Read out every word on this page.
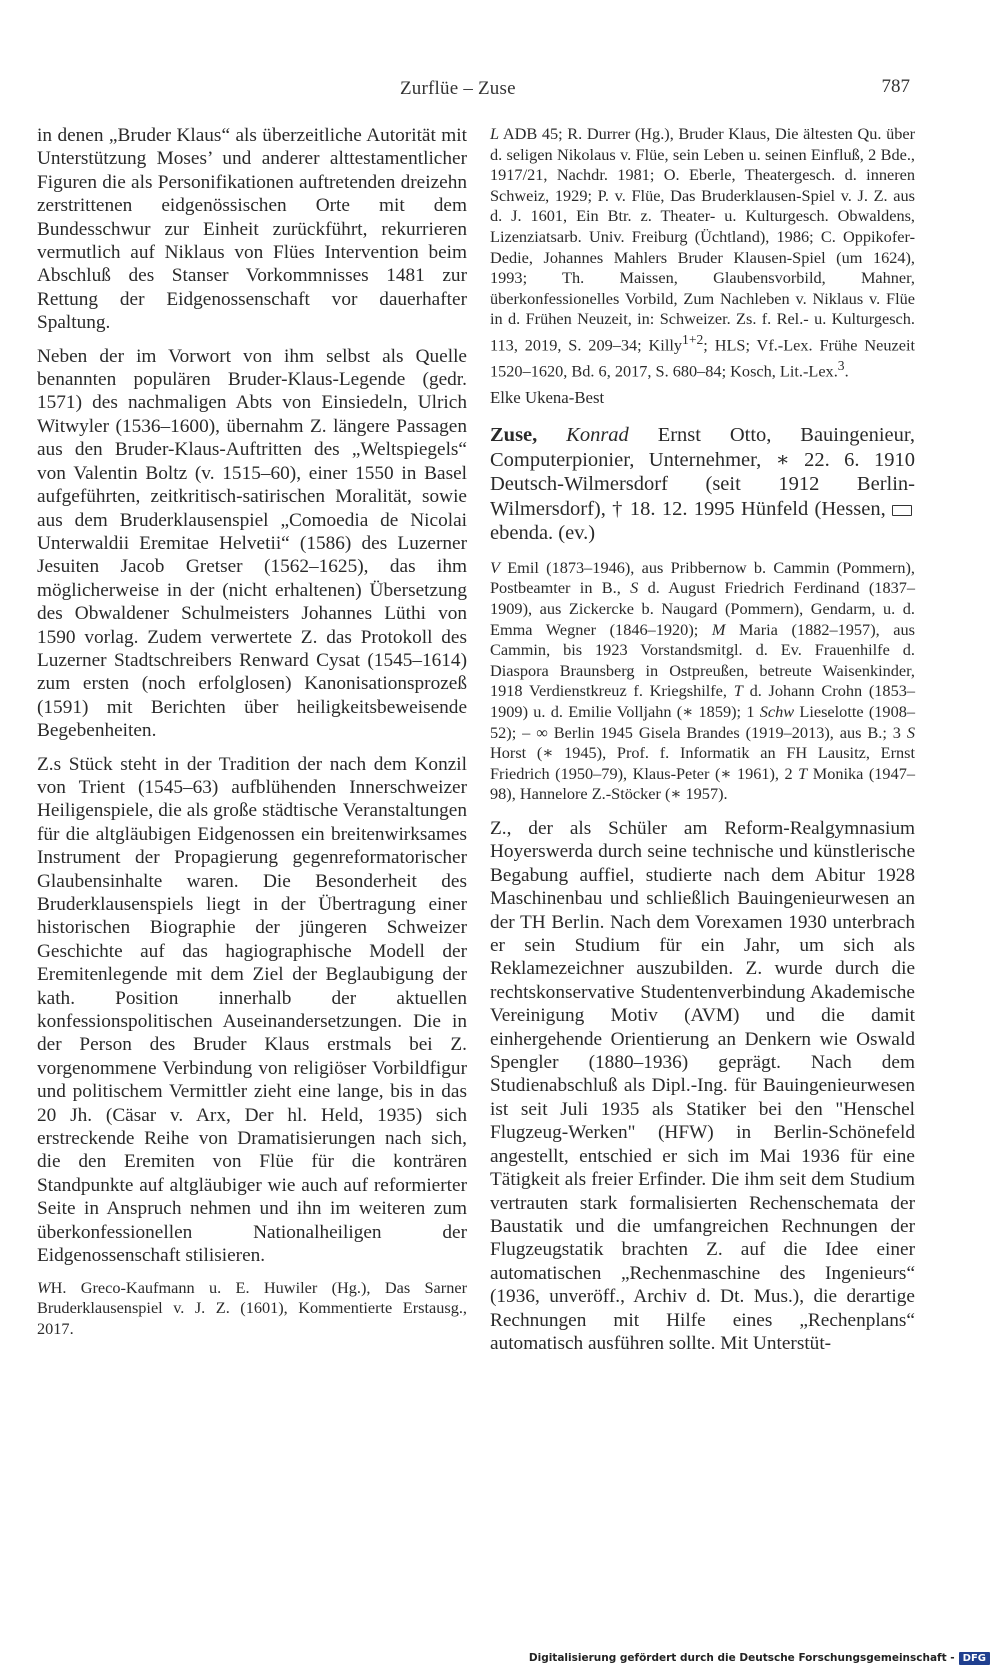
Zurflüe – Zuse	787

in denen „Bruder Klaus“ als überzeitliche Autorität mit Unterstützung Moses’ und anderer alttestamentlicher Figuren die als Personifikationen auftretenden dreizehn zerstrittenen eidgenössischen Orte mit dem Bundesschwur zur Einheit zurückführt, rekurrieren vermutlich auf Niklaus von Flües Intervention beim Abschluß des Stanser Vorkommnisses 1481 zur Rettung der Eidgenossenschaft vor dauerhafter Spaltung.

Neben der im Vorwort von ihm selbst als Quelle benannten populären Bruder-Klaus-Legende (gedr. 1571) des nachmaligen Abts von Einsiedeln, Ulrich Witwyler (1536–1600), übernahm Z. längere Passagen aus den Bruder-Klaus-Auftritten des „Weltspiegels“ von Valentin Boltz (v. 1515–60), einer 1550 in Basel aufgeführten, zeitkritisch-satirischen Moralität, sowie aus dem Bruderklausenspiel „Comoedia de Nicolai Unterwaldii Eremitae Helvetii“ (1586) des Luzerner Jesuiten Jacob Gretser (1562–1625), das ihm möglicherweise in der (nicht erhaltenen) Übersetzung des Obwaldener Schulmeisters Johannes Lüthi von 1590 vorlag. Zudem verwertete Z. das Protokoll des Luzerner Stadtschreibers Renward Cysat (1545–1614) zum ersten (noch erfolglosen) Kanonisationsprozeß (1591) mit Berichten über heiligkeitsbeweisende Begebenheiten.

Z.s Stück steht in der Tradition der nach dem Konzil von Trient (1545–63) aufblühenden Innerschweizer Heiligenspiele, die als große städtische Veranstaltungen für die altgläubigen Eidgenossen ein breitenwirksames Instrument der Propagierung gegenreformatorischer Glaubensinhalte waren. Die Besonderheit des Bruderklausenspiels liegt in der Übertragung einer historischen Biographie der jüngeren Schweizer Geschichte auf das hagiographische Modell der Eremitenlegende mit dem Ziel der Beglaubigung der kath. Position innerhalb der aktuellen konfessionspolitischen Auseinandersetzungen. Die in der Person des Bruder Klaus erstmals bei Z. vorgenommene Verbindung von religiöser Vorbildfigur und politischem Vermittler zieht eine lange, bis in das 20 Jh. (Cäsar v. Arx, Der hl. Held, 1935) sich erstreckende Reihe von Dramatisierungen nach sich, die den Eremiten von Flüe für die konträren Standpunkte auf altgläubiger wie auch auf reformierter Seite in Anspruch nehmen und ihn im weiteren zum überkonfessionellen Nationalheiligen der Eidgenossenschaft stilisieren.

WH. Greco-Kaufmann u. E. Huwiler (Hg.), Das Sarner Bruderklausenspiel v. J. Z. (1601), Kommentierte Erstausg., 2017.

L ADB 45; R. Durrer (Hg.), Bruder Klaus, Die ältesten Qu. über d. seligen Nikolaus v. Flüe, sein Leben u. seinen Einfluß, 2 Bde., 1917/21, Nachdr. 1981; O. Eberle, Theatergesch. d. inneren Schweiz, 1929; P. v. Flüe, Das Bruderklausen-Spiel v. J. Z. aus d. J. 1601, Ein Btr. z. Theater- u. Kulturgesch. Obwaldens, Lizenziatsarb. Univ. Freiburg (Üchtland), 1986; C. Oppikofer-Dedie, Johannes Mahlers Bruder Klausen-Spiel (um 1624), 1993; Th. Maissen, Glaubensvorbild, Mahner, überkonfessionelles Vorbild, Zum Nachleben v. Niklaus v. Flüe in d. Frühen Neuzeit, in: Schweizer. Zs. f. Rel.- u. Kulturgesch. 113, 2019, S. 209–34; Killy$^{1+2}$; HLS; Vf.-Lex. Frühe Neuzeit 1520–1620, Bd. 6, 2017, S. 680–84; Kosch, Lit.-Lex.$^3$.

Elke Ukena-Best

Zuse, Konrad Ernst Otto, Bauingenieur, Computerpionier, Unternehmer, ∗ 22. 6. 1910 Deutsch-Wilmersdorf (seit 1912 Berlin-Wilmersdorf), † 18. 12. 1995 Hünfeld (Hessen, ebenda. (ev.)

V Emil (1873–1946), aus Pribbernow b. Cammin (Pommern), Postbeamter in B., S d. August Friedrich Ferdinand (1837–1909), aus Zickercke b. Naugard (Pommern), Gendarm, u. d. Emma Wegner (1846–1920); M Maria (1882–1957), aus Cammin, bis 1923 Vorstandsmitgl. d. Ev. Frauenhilfe d. Diaspora Braunsberg in Ostpreußen, betreute Waisenkinder, 1918 Verdienstkreuz f. Kriegshilfe, T d. Johann Crohn (1853–1909) u. d. Emilie Volljahn (∗ 1859); 1 Schw Lieselotte (1908–52); – ∞ Berlin 1945 Gisela Brandes (1919–2013), aus B.; 3 S Horst (∗ 1945), Prof. f. Informatik an FH Lausitz, Ernst Friedrich (1950–79), Klaus-Peter (∗ 1961), 2 T Monika (1947–98), Hannelore Z.-Stöcker (∗ 1957).

Z., der als Schüler am Reform-Realgymnasium Hoyerswerda durch seine technische und künstlerische Begabung auffiel, studierte nach dem Abitur 1928 Maschinenbau und schließlich Bauingenieurwesen an der TH Berlin. Nach dem Vorexamen 1930 unterbrach er sein Studium für ein Jahr, um sich als Reklamezeichner auszubilden. Z. wurde durch die rechtskonservative Studentenverbindung Akademische Vereinigung Motiv (AVM) und die damit einhergehende Orientierung an Denkern wie Oswald Spengler (1880–1936) geprägt. Nach dem Studienabschluß als Dipl.-Ing. für Bauingenieurwesen ist seit Juli 1935 als Statiker bei den "Henschel Flugzeug-Werken" (HFW) in Berlin-Schönefeld angestellt, entschied er sich im Mai 1936 für eine Tätigkeit als freier Erfinder. Die ihm seit dem Studium vertrauten stark formalisierten Rechenschemata der Baustatik und die umfangreichen Rechnungen der Flugzeugstatik brachten Z. auf die Idee einer automatischen „Rechenmaschine des Ingenieurs“ (1936, unveröff., Archiv d. Dt. Mus.), die derartige Rechnungen mit Hilfe eines „Rechenplans“ automatisch ausführen sollte. Mit Unterstüt-

Digitalisierung gefördert durch die Deutsche Forschungsgemeinschaft - DFG
